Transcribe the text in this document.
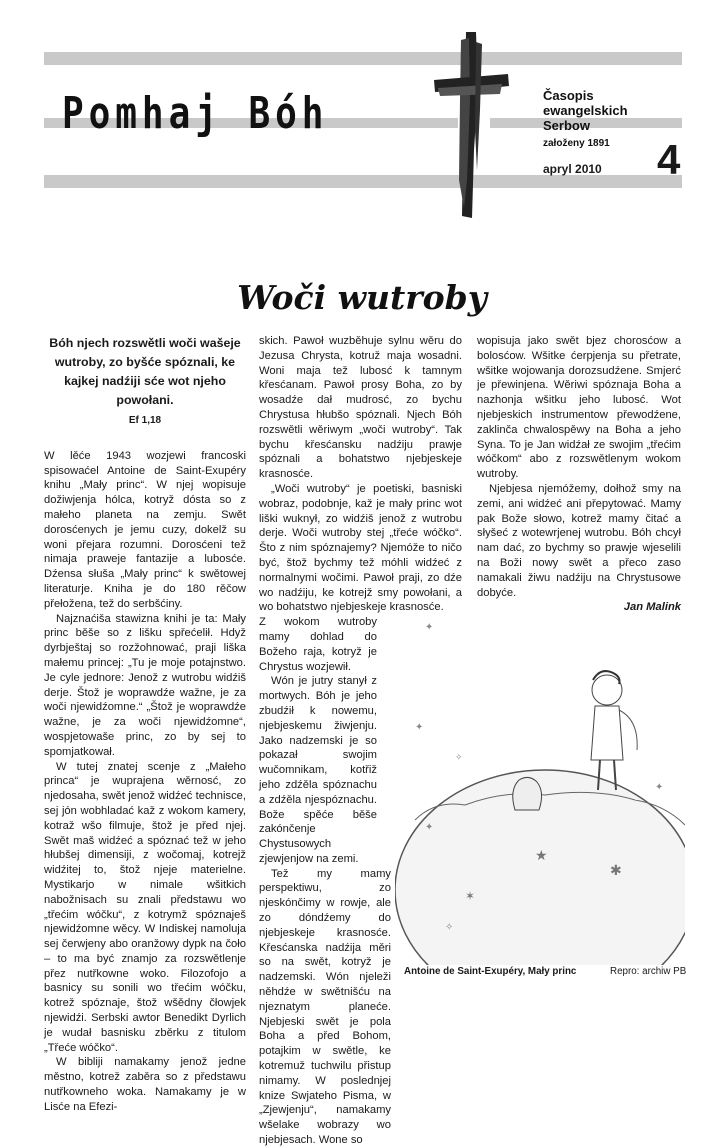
Pomhaj Bóh	Časopis
ewangelskich
Serbow
załoženy 1891
apryl 2010 4
Woči wutroby
Bóh njech rozswětli woči wašeje wutroby, zo byšće spóznali, ke kajkej nadźiji sće wot njeho powołani.
Ef 1,18

W lěće 1943 wozjewi francoski spisowaćel Antoine de Saint-Exupéry knihu „Mały princ“. W njej wopisuje dožiwjenja hólca, kotryž dósta so z małeho planeta na zemju. Swět dorosćenych je jemu cuzy, dokelž su woni přejara rozumni. Dorosćeni tež nimaja praweje fantazije a lubosće. Dźensa słuša „Mały princ“ k swětowej literaturje. Kniha je do 180 rěčow přełožena, tež do serbšćiny.

Najznaćiša stawizna knihi je ta: Mały princ běše so z lišku spřećelił. Hdyž dyrbještaj so rozžohnować, praji liška małemu princej: „Tu je moje potajnstwo. Je cyle jednore: Jenož z wutrobu widźiš derje. Štož je woprawdźe wažne, je za woči njewidźomne.“ „Štož je woprawdźe wažne, je za woči njewidźomne“, wospjetowaše princ, zo by sej to spomjatkował.

W tutej znatej scenje z „Małeho princa“ je wuprajena wěrnosć, zo njedosaha, swět jenož widźeć technisce, sej jón wobhladać kaž z wokom kamery, kotraž wšo filmuje, štož je před njej. Swět maš widźeć a spóznać tež w jeho hłubšej dimensiji, z wočomaj, kotrejž widźitej to, štož njeje materielne. Mystikarjo w nimale wšitkich nabožnisach su znali předstawu wo „třećim wóčku“, z kotrymž spóznaješ njewidźomne wěcy. W Indiskej namoluja sej čerwjeny abo oranžowy dypk na čoło – to ma być znamjo za rozswětlenje přez nutřkowne woko. Filozofojo a basnicy su sonili wo třećim wóčku, kotrež spóznaje, štož wšědny čłowjek njewidźi. Serbski awtor Benedikt Dyrlich je wudał basnisku zběrku z titulom „Třeće wóčko“.

W bibliji namakamy jenož jedne městno, kotrež zaběra so z předstawu nutřkowneho woka. Namakamy je w Lisće na Efezi-

skich. Pawoł wuzběhuje sylnu wěru do Jezusa Chrysta, kotruž maja wosadni. Woni maja tež lubosć k tamnym křesćanam. Pawoł prosy Boha, zo by wosadźe dał mudrosć, zo bychu Chrystusa hłubšo spóznali. Njech Bóh rozswětli wěriwym „woči wutroby“. Tak bychu křesćansku nadźiju prawje spóznali a bohatstwo njebjeskeje krasnosće.

„Woči wutroby“ je poetiski, basniski wobraz, podobnje, kaž je mały princ wot liški wuknył, zo widźiš jenož z wutrobu derje. Woči wutroby stej „třeće wóčko“. Što z nim spóznajemy? Njemóže to ničo być, štož bychmy tež móhli widźeć z normalnymi wočimi. Pawoł praji, zo dźe wo nadźiju, ke kotrejž smy powołani, a wo bohatstwo njebjeskeje krasnosće.

Z wokom wutroby mamy dohlad do Božeho raja, kotryž je Chrystus wozjewił.

Wón je jutry stanył z mortwych. Bóh je jeho zbudźił k nowemu, njebjeskemu žiwjenju. Jako nadzemski je so pokazał swojim wučomnikam, kotřiž jeho zdźěla spóznachu a zdźěla njespóznachu. Bože spěće běše zakónčenje Chystusowych zjewjenjow na zemi.

Tež my mamy perspektiwu, zo njeskónčimy w rowje, ale zo dóndźemy do njebjeskeje krasnosće. Křesćanska nadźija měri so na swět, kotryž je nadzemski. Wón njeleži něhdźe w swětnišću na njeznatym planeće. Njebjeski swět je pola Boha a před Bohom, potajkim w swětle, ke kotremuž tuchwilu přistup nimamy. W poslednjej knize Swjateho Pisma, w „Zjewjenju“, namakamy wšelake wobrazy wo njebjesach. Wone so

wopisuja jako swět bjez chorosćow a bolosćow. Wšitke ćerpjenja su přetrate, wšitke wojowanja dorozsudźene. Smjerć je přewinjena. Wěriwi spóznaja Boha a nazhonja wšitku jeho lubosć. Wot njebjeskich instrumentow přewodźene, zaklinča chwalospěwy na Boha a jeho Syna. To je Jan widźał ze swojim „třećim wóčkom“ abo z rozswětlenym wokom wutroby.

Njebjesa njemóžemy, dołhož smy na zemi, ani widźeć ani přepytować. Mamy pak Bože słowo, kotrež mamy čitać a słyšeć z wotewrjenej wutrobu. Bóh chcył nam dać, zo bychmy so prawje wjeselili na Boži nowy swět a přeco zaso namakali žiwu nadźiju na Chrystusowe dobyće.

Jan Malink
★
✶
✱
✦
✦
✧
✦
✦
✧
Antoine de Saint-Exupéry, Mały princ	Repro: archiw PB
